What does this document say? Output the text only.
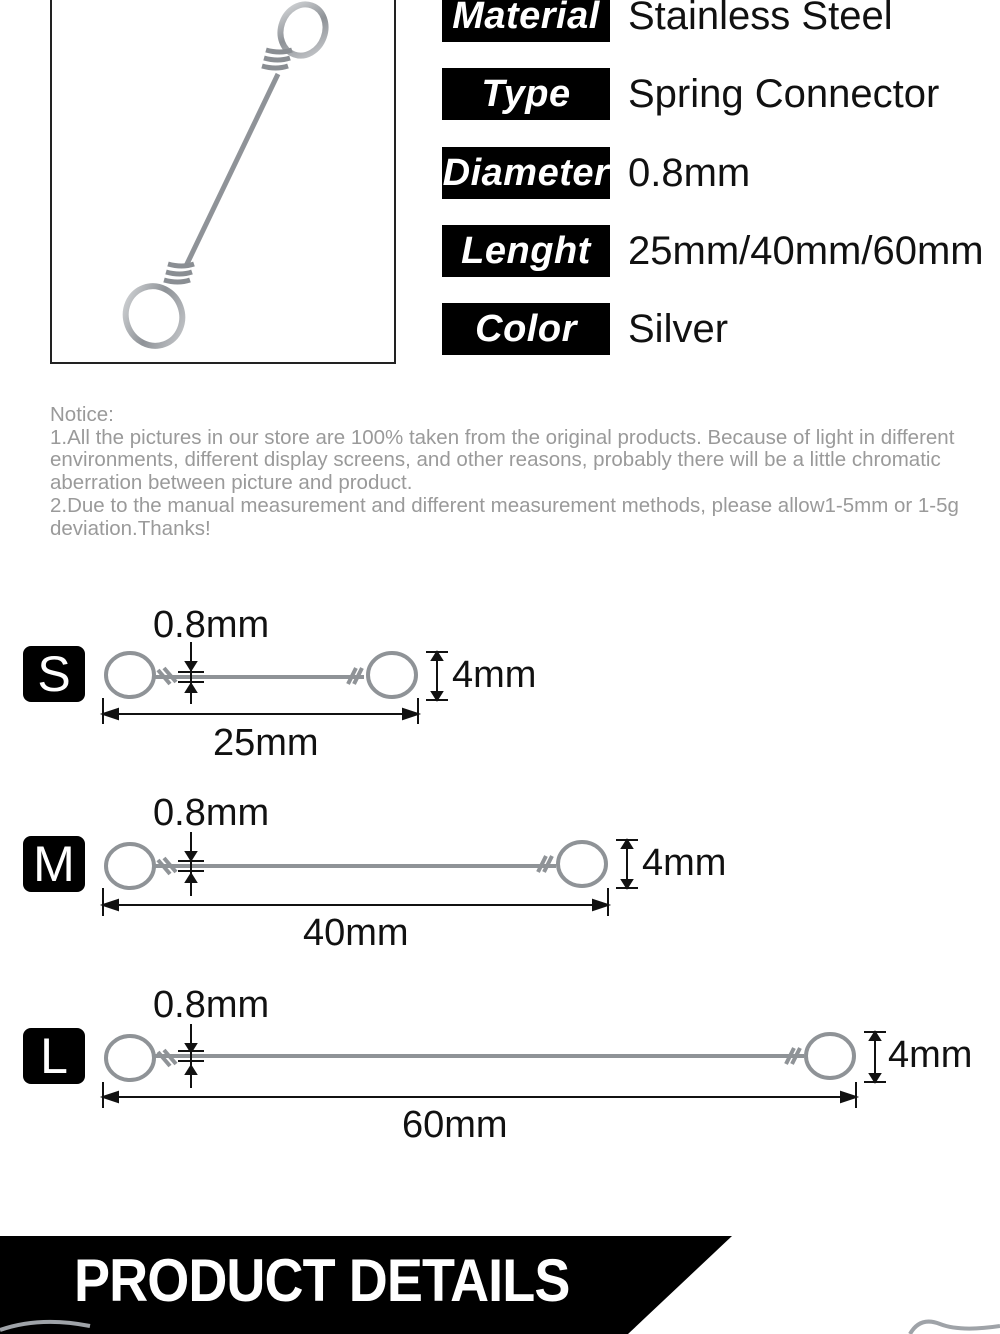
Material Stainless Steel
Type	Spring Connector
Diameter 0.8mm
Lenght 25mm/40mm/60mm
Color	Silver
Notice:
1.All the pictures in our store are 100% taken from the original products. Because of light in different environments, different display screens, and other reasons, probably there will be a little chromatic aberration between picture and product.
2.Due to the manual measurement and different measurement methods, please allow1-5mm or 1-5g deviation.Thanks!
S
0.8mm
4mm
25mm
M
0.8mm
4mm
40mm
L
0.8mm
4mm
60mm
PRODUCT DETAILS
